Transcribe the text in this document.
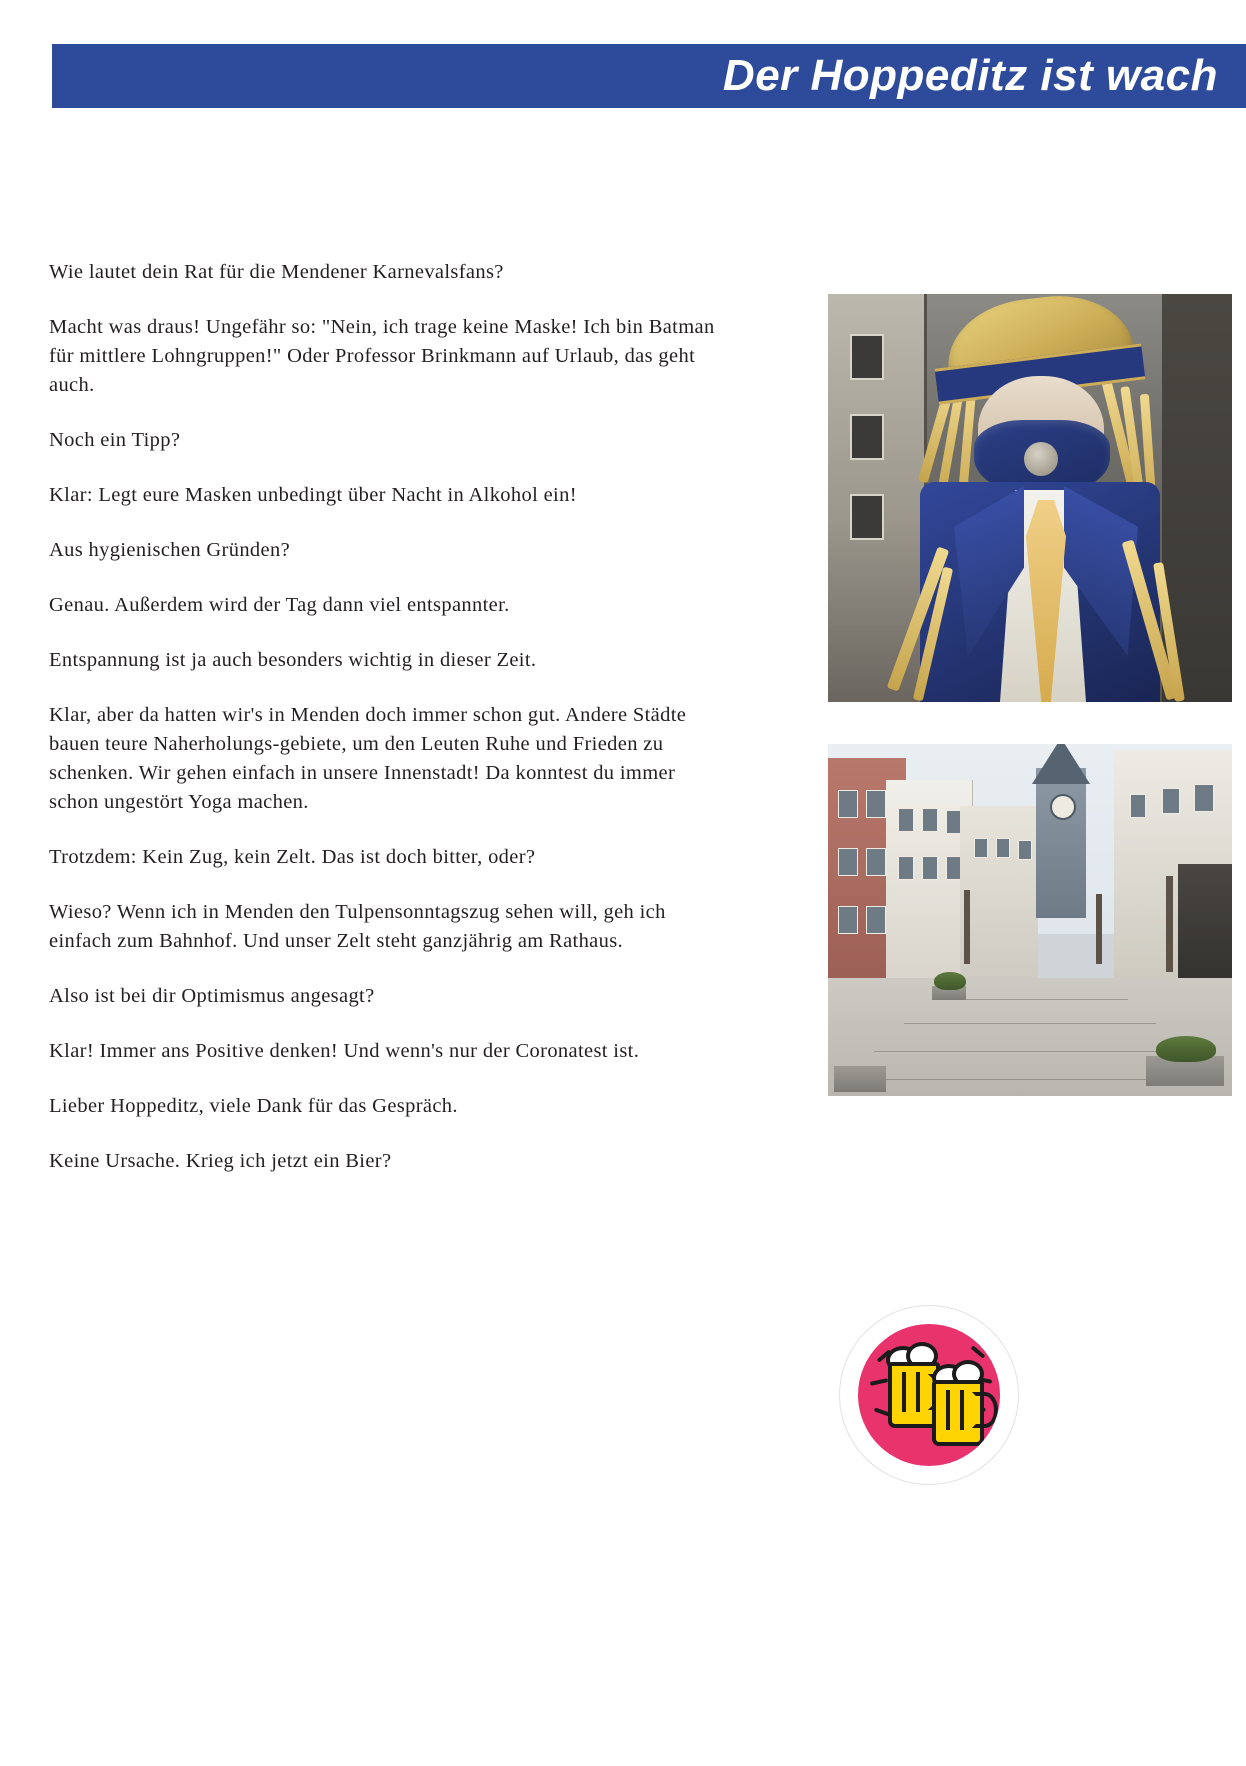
Der Hoppeditz ist wach

Wie lautet dein Rat für die Mendener Karnevalsfans?

Macht was draus! Ungefähr so: "Nein, ich trage keine Maske! Ich bin Batman für mittlere Lohngruppen!" Oder Professor Brinkmann auf Urlaub, das geht auch.

Noch ein Tipp?

Klar: Legt eure Masken unbedingt über Nacht in Alkohol ein!

Aus hygienischen Gründen?

Genau. Außerdem wird der Tag dann viel entspannter.

Entspannung ist ja auch besonders wichtig in dieser Zeit.

Klar, aber da hatten wir's in Menden doch immer schon gut. Andere Städte bauen teure Naherholungs-gebiete, um den Leuten Ruhe und Frieden zu schenken. Wir gehen einfach in unsere Innenstadt! Da konntest du immer schon ungestört Yoga machen.

Trotzdem: Kein Zug, kein Zelt. Das ist doch bitter, oder?

Wieso? Wenn ich in Menden den Tulpensonntagszug sehen will, geh ich einfach zum Bahnhof. Und unser Zelt steht ganzjährig am Rathaus.

Also ist bei dir Optimismus angesagt?

Klar! Immer ans Positive denken! Und wenn's nur der Coronatest ist.

Lieber Hoppeditz, viele Dank für das Gespräch.

Keine Ursache. Krieg ich jetzt ein Bier?
